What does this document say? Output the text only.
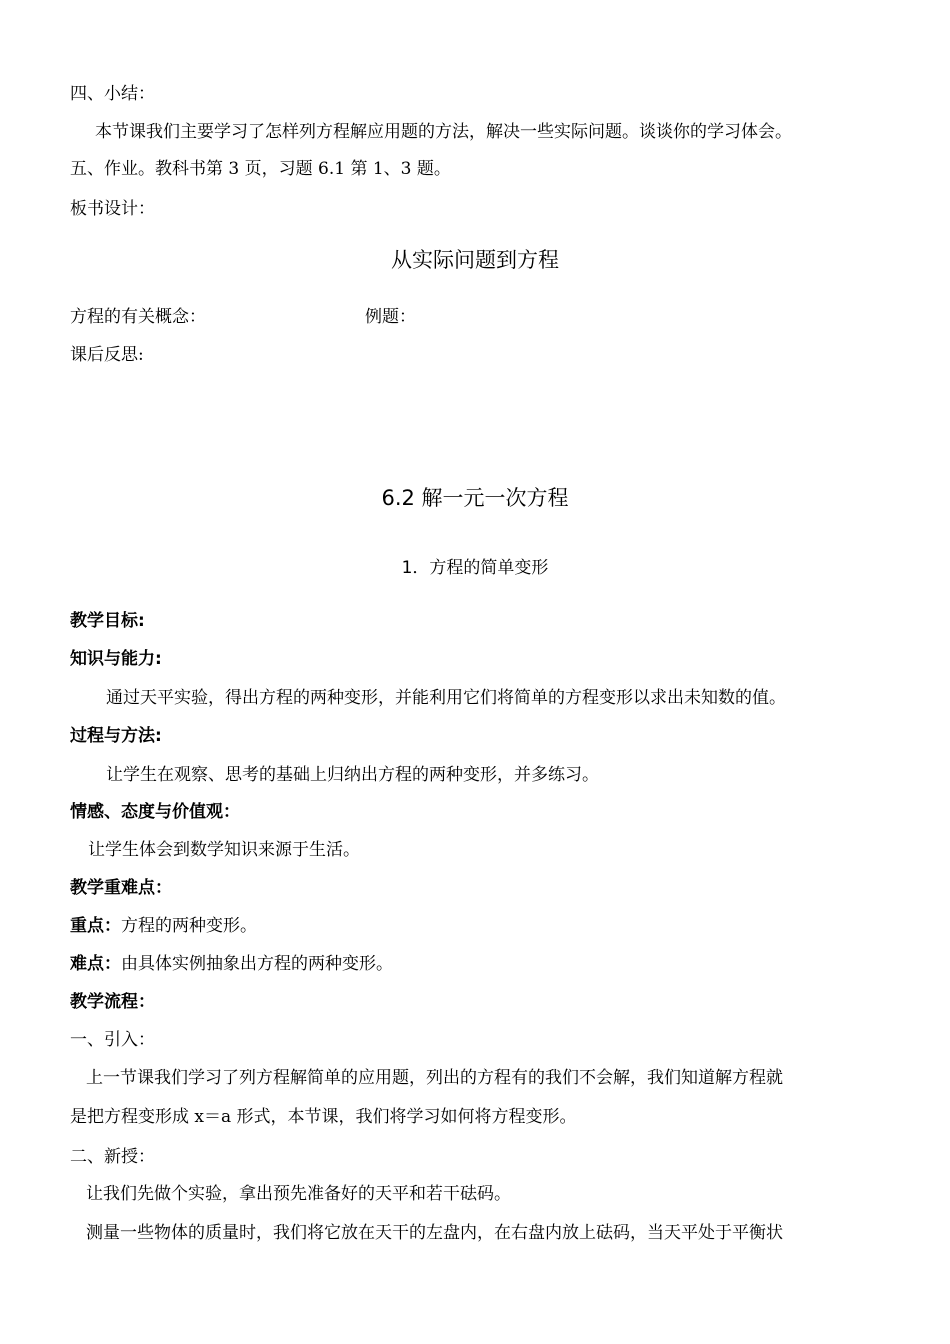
四、小结：
本节课我们主要学习了怎样列方程解应用题的方法，解决一些实际问题。谈谈你的学习体会。
五、作业。教科书第 3 页，习题 6.1 第 1、3 题。
板书设计：
从实际问题到方程
方程的有关概念：	例题：
课后反思:
6.2 解一元一次方程
1．方程的简单变形
教学目标:
知识与能力:
通过天平实验，得出方程的两种变形，并能利用它们将简单的方程变形以求出未知数的值。
过程与方法:
让学生在观察、思考的基础上归纳出方程的两种变形，并多练习。
情感、态度与价值观：
让学生体会到数学知识来源于生活。
教学重难点：
重点：方程的两种变形。
难点：由具体实例抽象出方程的两种变形。
教学流程：
一、引入：
上一节课我们学习了列方程解简单的应用题，列出的方程有的我们不会解，我们知道解方程就
是把方程变形成 x＝a 形式，本节课，我们将学习如何将方程变形。
二、新授：
让我们先做个实验，拿出预先准备好的天平和若干砝码。
测量一些物体的质量时，我们将它放在天干的左盘内，在右盘内放上砝码，当天平处于平衡状
